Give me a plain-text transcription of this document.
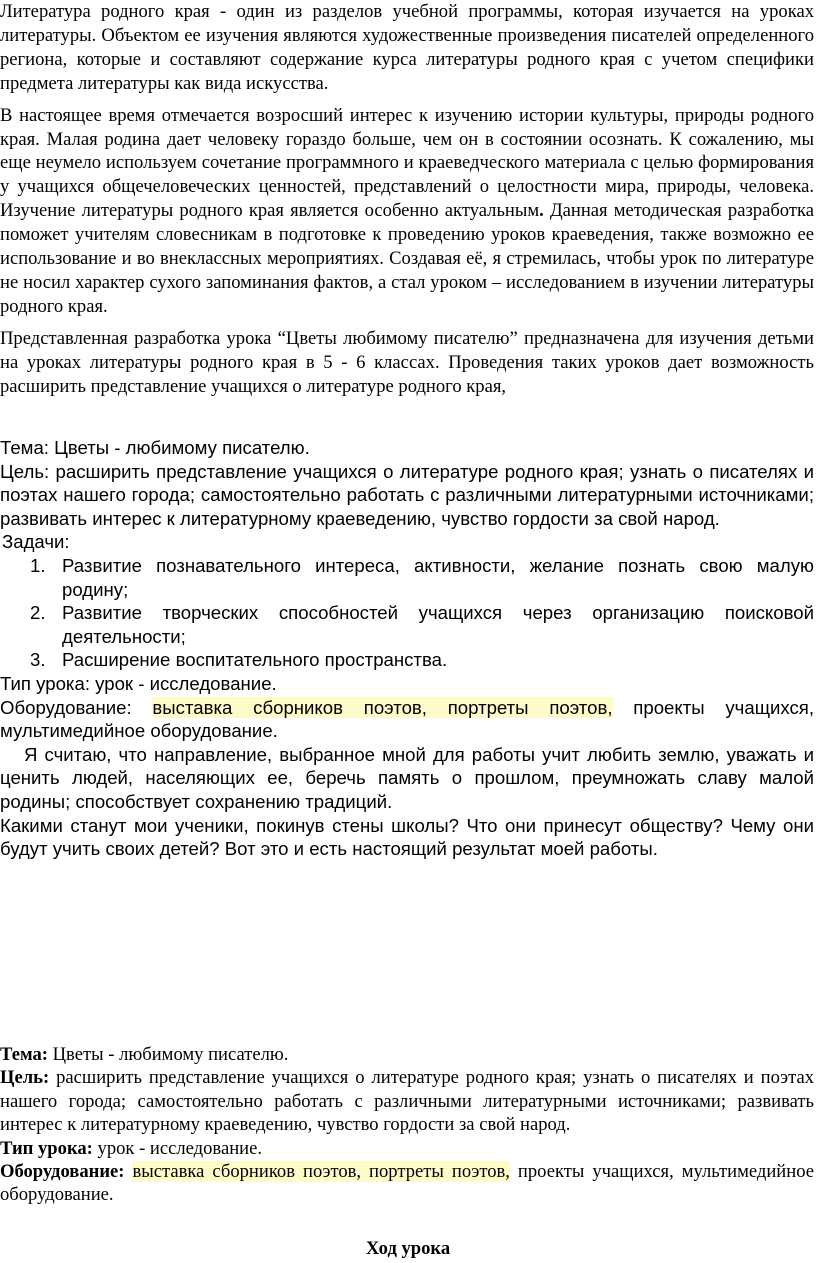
Литература родного края - один из разделов учебной программы, которая изучается на уроках литературы. Объектом ее изучения являются художественные произведения писателей определенного региона, которые и составляют содержание курса литературы родного края с учетом специфики предмета литературы как вида искусства.

В настоящее время отмечается возросший интерес к изучению истории культуры, природы родного края. Малая родина дает человеку гораздо больше, чем он в состоянии осознать. К сожалению, мы еще неумело используем сочетание программного и краеведческого материала с целью формирования у учащихся общечеловеческих ценностей, представлений о целостности мира, природы, человека. Изучение литературы родного края является особенно актуальным. Данная методическая разработка поможет учителям словесникам в подготовке к проведению уроков краеведения, также возможно ее использование и во внеклассных мероприятиях. Создавая её, я стремилась, чтобы урок по литературе не носил характер сухого запоминания фактов, а стал уроком – исследованием в изучении литературы родного края.

Представленная разработка урока “Цветы любимому писателю” предназначена для изучения детьми на уроках литературы родного края в 5 - 6 классах. Проведения таких уроков дает возможность расширить представление учащихся о литературе родного края,

Тема: Цветы - любимому писателю.

Цель: расширить представление учащихся о литературе родного края; узнать о писателях и поэтах нашего города; самостоятельно работать с различными литературными источниками; развивать интерес к литературному краеведению, чувство гордости за свой народ.

Задачи:

1. Развитие познавательного интереса, активности, желание познать свою малую родину;
2. Развитие творческих способностей учащихся через организацию поисковой деятельности;
3. Расширение воспитательного пространства.

Тип урока: урок - исследование.

Оборудование: выставка сборников поэтов, портреты поэтов, проекты учащихся, мультимедийное оборудование.

Я считаю, что направление, выбранное мной для работы учит любить землю, уважать и ценить людей, населяющих ее, беречь память о прошлом, преумножать славу малой родины; способствует сохранению традиций.

Какими станут мои ученики, покинув стены школы? Что они принесут обществу? Чему они будут учить своих детей? Вот это и есть настоящий результат моей работы.

Тема: Цветы - любимому писателю.

Цель: расширить представление учащихся о литературе родного края; узнать о писателях и поэтах нашего города; самостоятельно работать с различными литературными источниками; развивать интерес к литературному краеведению, чувство гордости за свой народ.

Тип урока: урок - исследование.

Оборудование: выставка сборников поэтов, портреты поэтов, проекты учащихся, мультимедийное оборудование.

Ход урока
